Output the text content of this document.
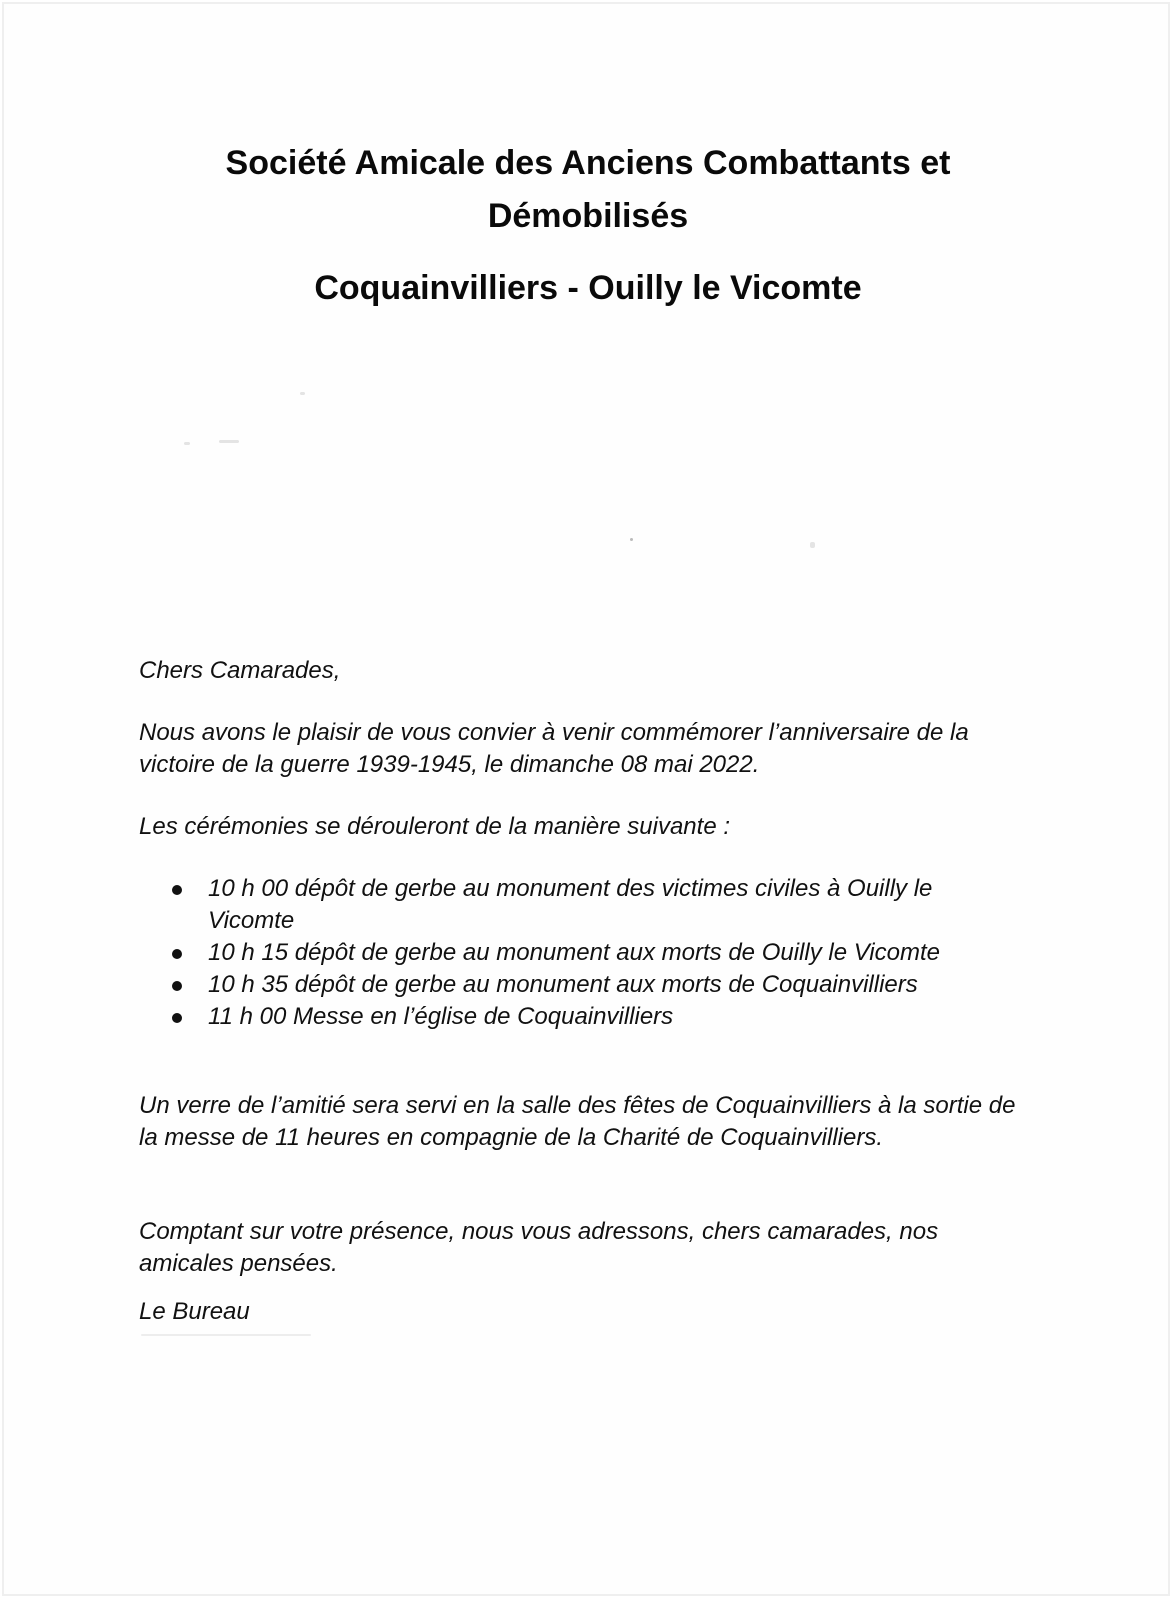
Société Amicale des Anciens Combattants et
Démobilisés
Coquainvilliers - Ouilly le Vicomte

Chers Camarades,

Nous avons le plaisir de vous convier à venir commémorer l’anniversaire de la victoire de la guerre 1939-1945, le dimanche 08 mai 2022.

Les cérémonies se dérouleront de la manière suivante :

10 h 00 dépôt de gerbe au monument des victimes civiles à Ouilly le Vicomte
10 h 15 dépôt de gerbe au monument aux morts de Ouilly le Vicomte
10 h 35 dépôt de gerbe au monument aux morts de Coquainvilliers
11 h 00 Messe en l’église de Coquainvilliers

Un verre de l’amitié sera servi en la salle des fêtes de Coquainvilliers à la sortie de la messe de 11 heures en compagnie de la Charité de Coquainvilliers.

Comptant sur votre présence, nous vous adressons, chers camarades, nos amicales pensées.

Le Bureau
